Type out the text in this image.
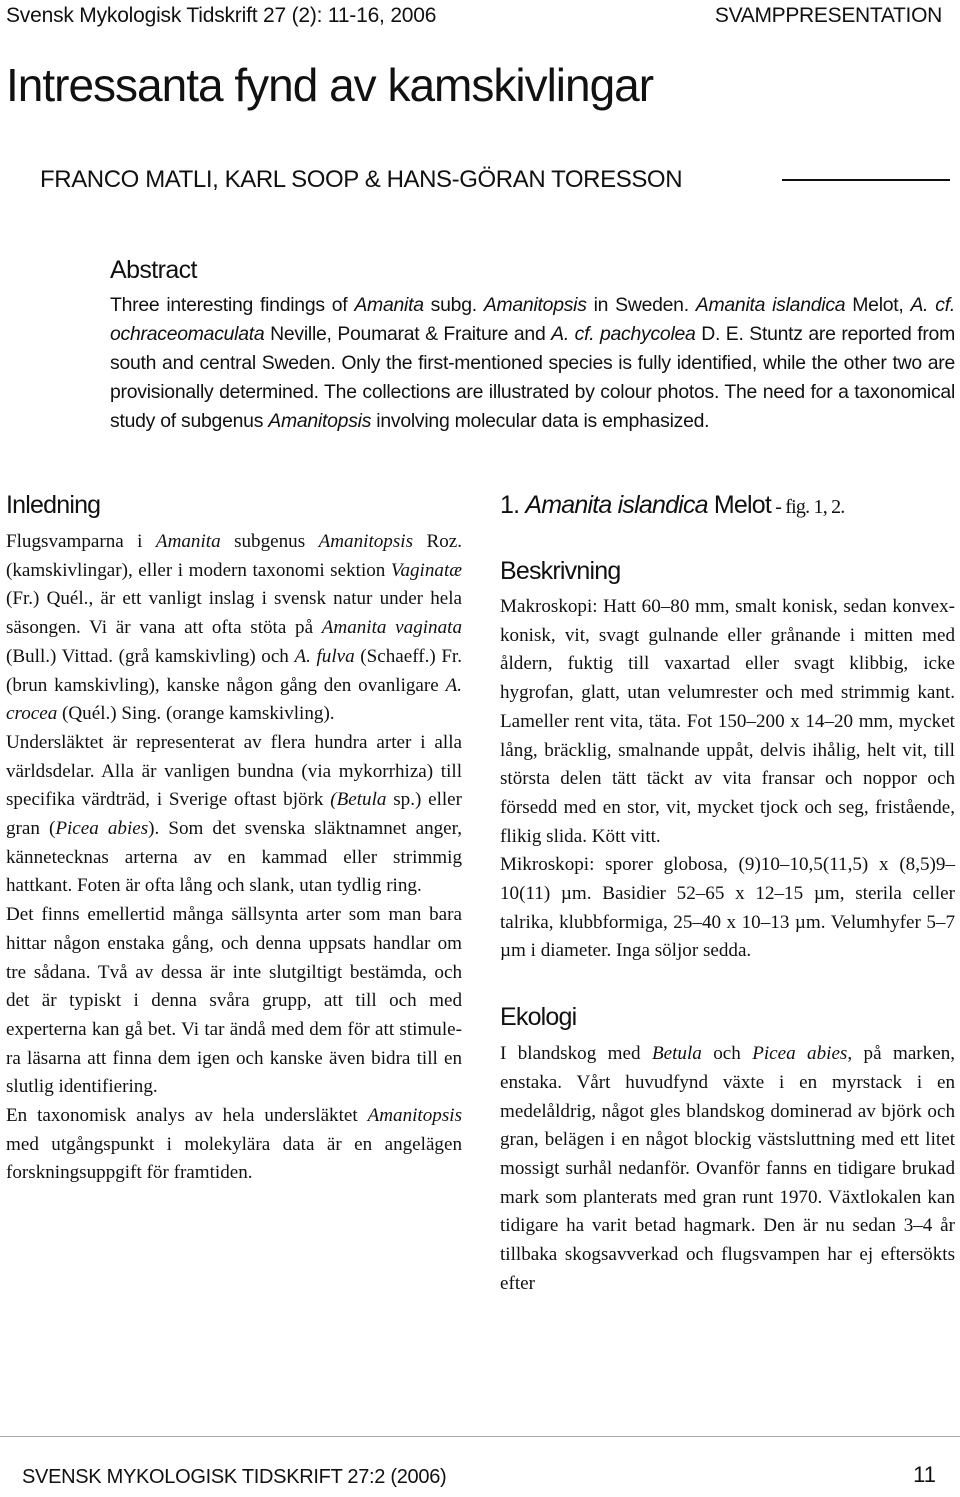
Svensk Mykologisk Tidskrift 27 (2): 11-16, 2006	SVAMPPRESENTATION
Intressanta fynd av kamskivlingar
FRANCO MATLI, KARL SOOP & HANS-GÖRAN TORESSON
Abstract

Three interesting findings of Amanita subg. Amanitopsis in Sweden. Amanita islandica Melot, A. cf. ochraceomaculata Neville, Poumarat & Fraiture and A. cf. pachycolea D. E. Stuntz are reported from south and central Sweden. Only the first-mentioned species is fully identified, while the other two are provisionally determined. The collections are illustrated by colour photos. The need for a taxonomical study of subgenus Amanitopsis involving molecular data is emphasized.

Inledning

Flugsvamparna i Amanita subgenus Amanitopsis Roz. (kamskivlingar), eller i modern taxonomi sektion Vaginatæ (Fr.) Quél., är ett vanligt inslag i svensk natur under hela säsongen. Vi är vana att ofta stöta på Amanita vaginata (Bull.) Vittad. (grå kamskivling) och A. fulva (Schaeff.) Fr. (brun kamskivling), kanske någon gång den ovanligare A. crocea (Quél.) Sing. (orange kamskivling).

Undersläktet är representerat av flera hundra arter i alla världsdelar. Alla är vanligen bundna (via mykorrhiza) till specifika värdträd, i Sverige oftast björk (Betula sp.) eller gran (Picea abies). Som det svenska släktnamnet anger, kännetecknas arterna av en kammad eller strimmig hattkant. Foten är ofta lång och slank, utan tydlig ring.

Det finns emellertid många sällsynta arter som man bara hittar någon enstaka gång, och denna uppsats handlar om tre sådana. Två av dessa är inte slutgiltigt bestämda, och det är typiskt i denna svåra grupp, att till och med experterna kan gå bet. Vi tar ändå med dem för att stimulera läsarna att finna dem igen och kanske även bidra till en slutlig identifiering.

En taxonomisk analys av hela undersläktet Amanitopsis med utgångspunkt i molekylära data är en angelägen forskningsuppgift för framtiden.

1. Amanita islandica Melot - fig. 1, 2.
Beskrivning

Makroskopi: Hatt 60–80 mm, smalt konisk, sedan konvex-konisk, vit, svagt gulnande eller grånande i mitten med åldern, fuktig till vaxartad eller svagt klibbig, icke hygrofan, glatt, utan velumrester och med strimmig kant. Lameller rent vita, täta. Fot 150–200 x 14–20 mm, mycket lång, bräcklig, smalnande uppåt, delvis ihålig, helt vit, till största delen tätt täckt av vita fransar och noppor och försedd med en stor, vit, mycket tjock och seg, fristående, flikig slida. Kött vitt.

Mikroskopi: sporer globosa, (9)10–10,5(11,5) x (8,5)9–10(11) µm. Basidier 52–65 x 12–15 µm, sterila celler talrika, klubbformiga, 25–40 x 10–13 µm. Velumhyfer 5–7 µm i diameter. Inga söljor sedda.

Ekologi

I blandskog med Betula och Picea abies, på marken, enstaka. Vårt huvudfynd växte i en myrstack i en medelåldrig, något gles blandskog dominerad av björk och gran, belägen i en något blockig västsluttning med ett litet mossigt surhål nedanför. Ovanför fanns en tidigare brukad mark som planterats med gran runt 1970. Växtlokalen kan tidigare ha varit betad hagmark. Den är nu sedan 3–4 år tillbaka skogsavverkad och flugsvampen har ej eftersökts efter

SVENSK MYKOLOGISK TIDSKRIFT 27:2 (2006)	11
